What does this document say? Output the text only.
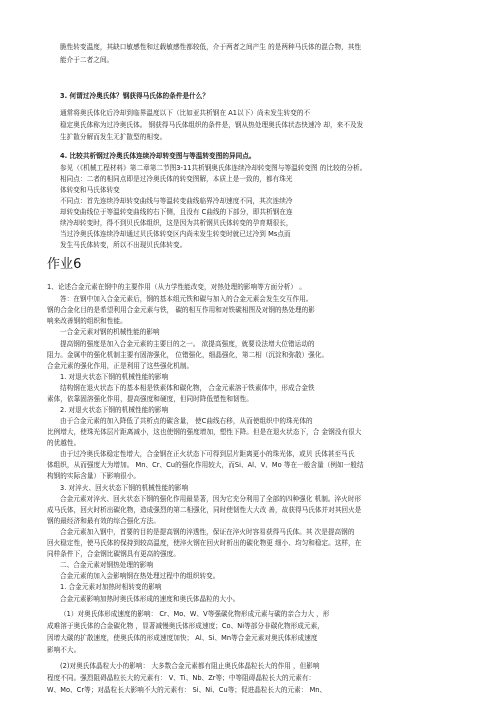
脆性转变温度，其缺口敏感性和过载敏感性都较低，介于两者之间产生 的是两种马氏体的混合物，其性
能介于二者之间。
3. 何谓过冷奥氏体？钢获得马氏体的条件是什么？
通常将奥氏体化后冷却到临界温度以下（比如亚共析钢在 A1以下）尚未发生转变的不
稳定奥氏体称为过冷奥氏体。 钢获得马氏体组织的条件是，钢从热处理奥氏体状态快速冷 却，来不及发
生扩散分解而发生无扩散型的相变。
4. 比较共析钢过冷奥氏体连续冷却转变图与等温转变图的异同点。
参见（《机械工程材料》第二章第二节图3-11共析钢奥氏体连续冷却转变图与等温转变图 的比较的分析。
相同点：二者的相同点即是过冷奥氏体的转变图解，本质上是一致的，都有珠光
体转变和马氏体转变
不同点：首先连续冷却转变曲线与等温转变曲线临界冷却速度不同，其次连续冷
却转变曲线位于等温转变曲线的右下侧，且没有 C曲线的下部分，即共析钢在连
续冷却转变时，得不到贝氏体组织，这是因为共析钢贝氏体转变的孕育期很长，
当过冷奥氏体连续冷却通过贝氏体转变区内尚未发生转变时就已过冷到 Ms点而
发生马氏体转变，所以不出现贝氏体转变。
作业6
1、论述合金元素在钢中的主要作用（从力学性能改变，对热处理的影响等方面分析） 。
答：在钢中加入合金元素后，钢的基本组元铁和碳与加入的合金元素会发生交互作用。
钢的合金化目的是希望利用合金元素与铁， 碳的相互作用和对铁碳相图及对钢的热处理的影
响来改善钢的组织和性能。
一合金元素对钢的机械性能的影响
提高钢的强度是加入合金元素的主要目的之一。 欲提高强度，就要设法增大位错运动的
阻力。金属中的强化机制主要有固溶强化， 位错强化，细晶强化，第二相（沉淀和弥散）强化。
合金元素的强化作用，正是利用了这些强化机制。
1. 对退火状态下钢的机械性能的影响
结构钢在退火状态下的基本相是铁素体和碳化物， 合金元素溶于铁素体中，形成合金铁
素体，依靠固溶强化作用，提高强度和硬度，但同时降低塑性和韧性。
2. 对退火状态下钢的机械性能的影响
由于合金元素的加入降低了共析点的碳含量， 使C曲线右移，从而使组织中的珠光体的
比例增大，使珠光体层片距离减小，这也使钢的强度增加，塑性下降。但是在退火状态下，合 金钢没有很大
的优越性。
由于过冷奥氏体稳定性增大，合金钢在正火状态下可得到层片距离更小的珠光体，或贝 氏体甚至马氏
体组织，从而强度大为增加。 Mn、Cr、Cu的强化作用较大，而Si、Al、V、Mo 等在一般含量（例如一般结
构钢的实际含量）下影响很小。
3. 对淬火、回火状态下钢的机械性能的影响
合金元素对淬火、回火状态下钢的强化作用最显著，因为它充分利用了全部的四种强化 机制。淬火时形
成马氏体，回火时析出碳化物，造成强烈的第二相强化，同时使韧性大大改 善，故获得马氏体并对其回火是
钢的最经济和最有效的综合强化方法。
合金元素加入钢中，首要的目的是提高钢的淬透性，保证在淬火时容易获得马氏体。其 次是提高钢的
回火稳定性，使马氏体的保持到较高温度，使淬火钢在回火时析出的碳化物更 细小、均匀和稳定。这样，在
同样条件下，合金钢比碳钢具有更高的强度。
二、合金元素对钢热处理的影响
合金元素的加入会影响钢在热处理过程中的组织转变。
1. 合金元素对加热时相转变的影响
合金元素影响加热时奥氏体形成的速度和奥氏体晶粒的大小。
（1）对奥氏体形成速度的影响： Cr、Mo、W、V等强碳化物形成元素与碳的亲合力大 ，形
成难溶于奥氏体的合金碳化物 ，显著减慢奥氏体形成速度；Co、Ni等部分非碳化物形成元素，
因增大碳的扩散速度，使奥氏体的形成速度加快； Al、Si、Mn等合金元素对奥氏体形成速度
影响不大。
(2)对奥氏体晶粒大小的影响： 大多数合金元素都有阻止奥氏体晶粒长大的作用 ，但影响
程度不同。强烈阻碍晶粒长大的元素有： V、Ti、Nb、Zr等；中等阻碍晶粒长大的元素有：
W、Mo、Cr等；对晶粒长大影响不大的元素有： Si、Ni、Cu等；促进晶粒长大的元素： Mn、
